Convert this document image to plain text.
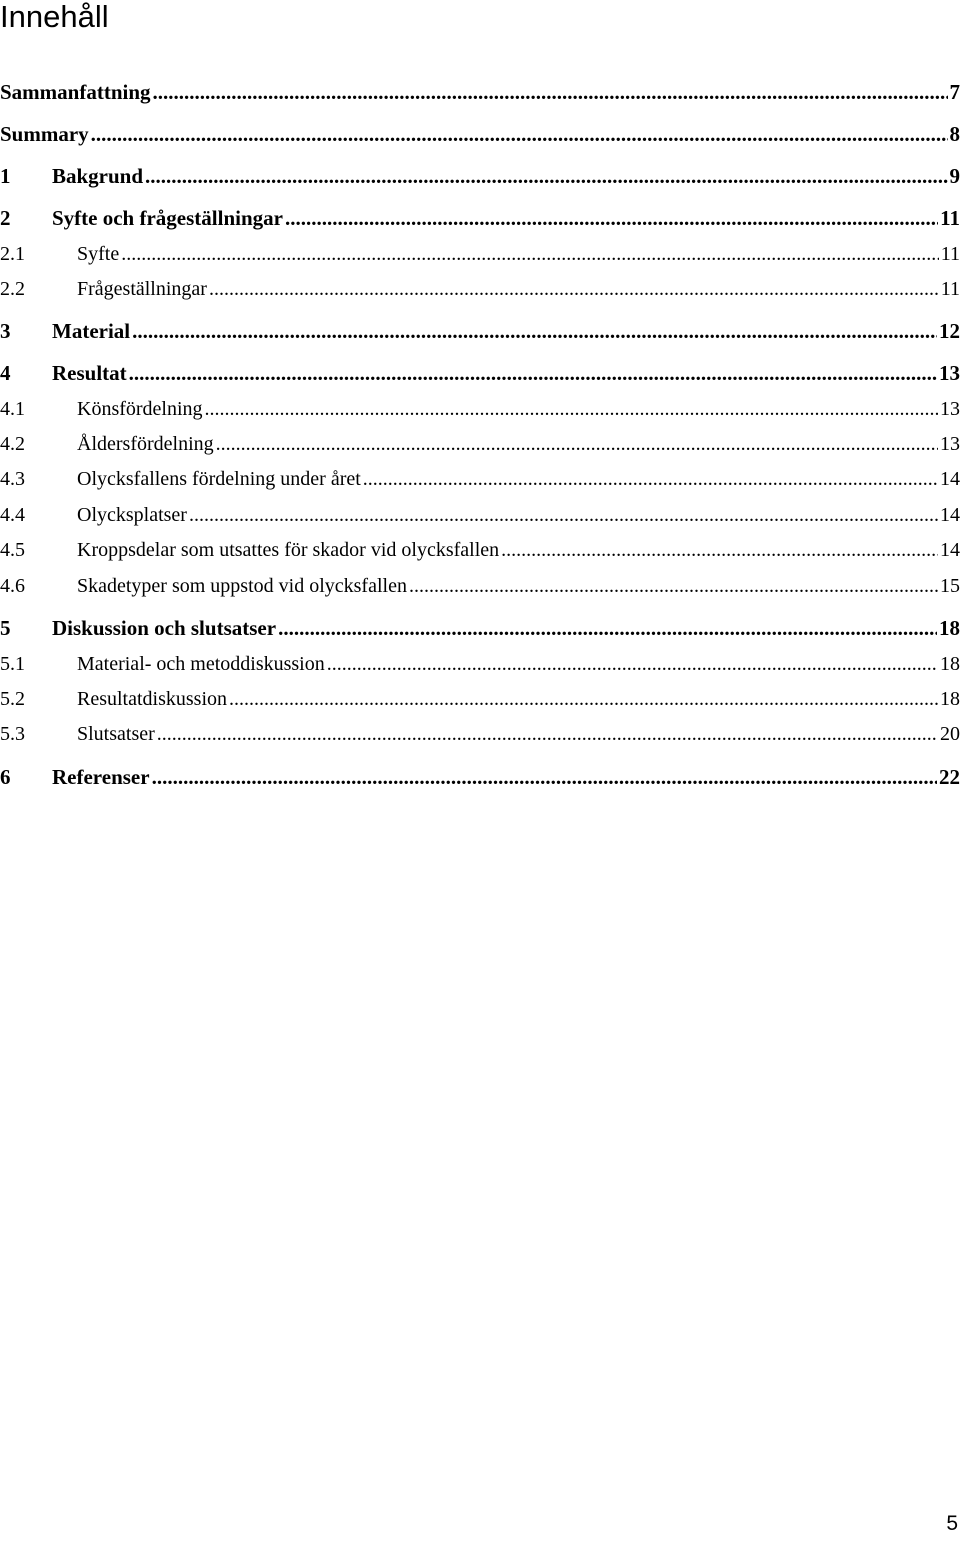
Innehåll
Sammanfattning .....	7
Summary .....	8
1	Bakgrund .....	9
2	Syfte och frågeställningar .....	11
2.1	Syfte .....	11
2.2	Frågeställningar .....	11
3	Material .....	12
4	Resultat .....	13
4.1	Könsfördelning .....	13
4.2	Åldersfördelning .....	13
4.3	Olycksfallens fördelning under året .....	14
4.4	Olycksplatser .....	14
4.5	Kroppsdelar som utsattes för skador vid olycksfallen .....	14
4.6	Skadetyper som uppstod vid olycksfallen .....	15
5	Diskussion och slutsatser .....	18
5.1	Material- och metoddiskussion .....	18
5.2	Resultatdiskussion .....	18
5.3	Slutsatser .....	20
6	Referenser .....	22
5
